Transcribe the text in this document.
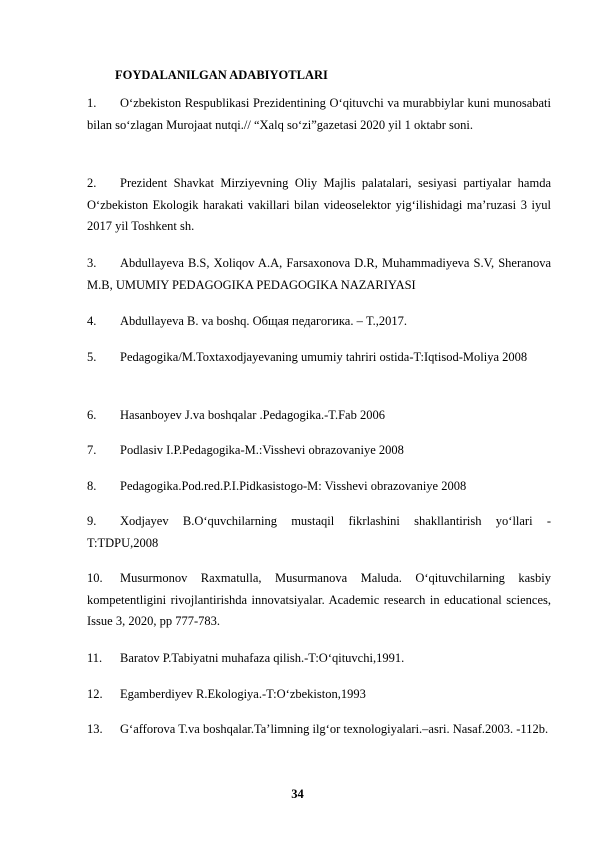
FOYDALANILGAN ADABIYOTLARI
1.	O‘zbekiston Respublikasi Prezidentining O‘qituvchi va murabbiylar kuni munosabati bilan so‘zlagan Murojaat nutqi.// “Xalq so‘zi”gazetasi 2020 yil 1 oktabr soni.
2.	Prezident Shavkat Mirziyevning Oliy Majlis palatalari, sesiyasi partiyalar hamda O‘zbekiston Ekologik harakati vakillari bilan videoselektor yig‘ilishidagi ma’ruzasi 3 iyul 2017 yil Toshkent sh.
3.	Abdullayeva B.S, Xoliqov A.A, Farsaxonova D.R, Muhammadiyeva S.V, Sheranova M.B, UMUMIY PEDAGOGIKA PEDAGOGIKA NAZARIYASI
4.	Abdullayeva B. va boshq. Общая педагогика. – T.,2017.
5.	Pedagogika/M.Toxtaxodjayevaning umumiy tahriri ostida-T:Iqtisod-Moliya 2008
6.	Hasanboyev J.va boshqalar .Pedagogika.-T.Fab 2006
7.	Podlasiv I.P.Pedagogika-M.:Visshevi obrazovaniye 2008
8.	Pedagogika.Pod.red.P.I.Pidkasistogo-M: Visshevi obrazovaniye 2008
9.	Xodjayev B.O‘quvchilarning mustaqil fikrlashini shakllantirish yo‘llari -T:TDPU,2008
10.	Musurmonov Raxmatulla, Musurmanova Maluda. O‘qituvchilarning kasbiy kompetentligini rivojlantirishda innovatsiyalar. Academic research in educational sciences, Issue 3, 2020, pp 777-783.
11.	Baratov P.Tabiyatni muhafaza qilish.-T:O‘qituvchi,1991.
12.	Egamberdiyev R.Ekologiya.-T:O‘zbekiston,1993
13.	G‘afforova T.va boshqalar.Ta’limning ilg‘or texnologiyalari.–asri. Nasaf.2003. -112b.
34
